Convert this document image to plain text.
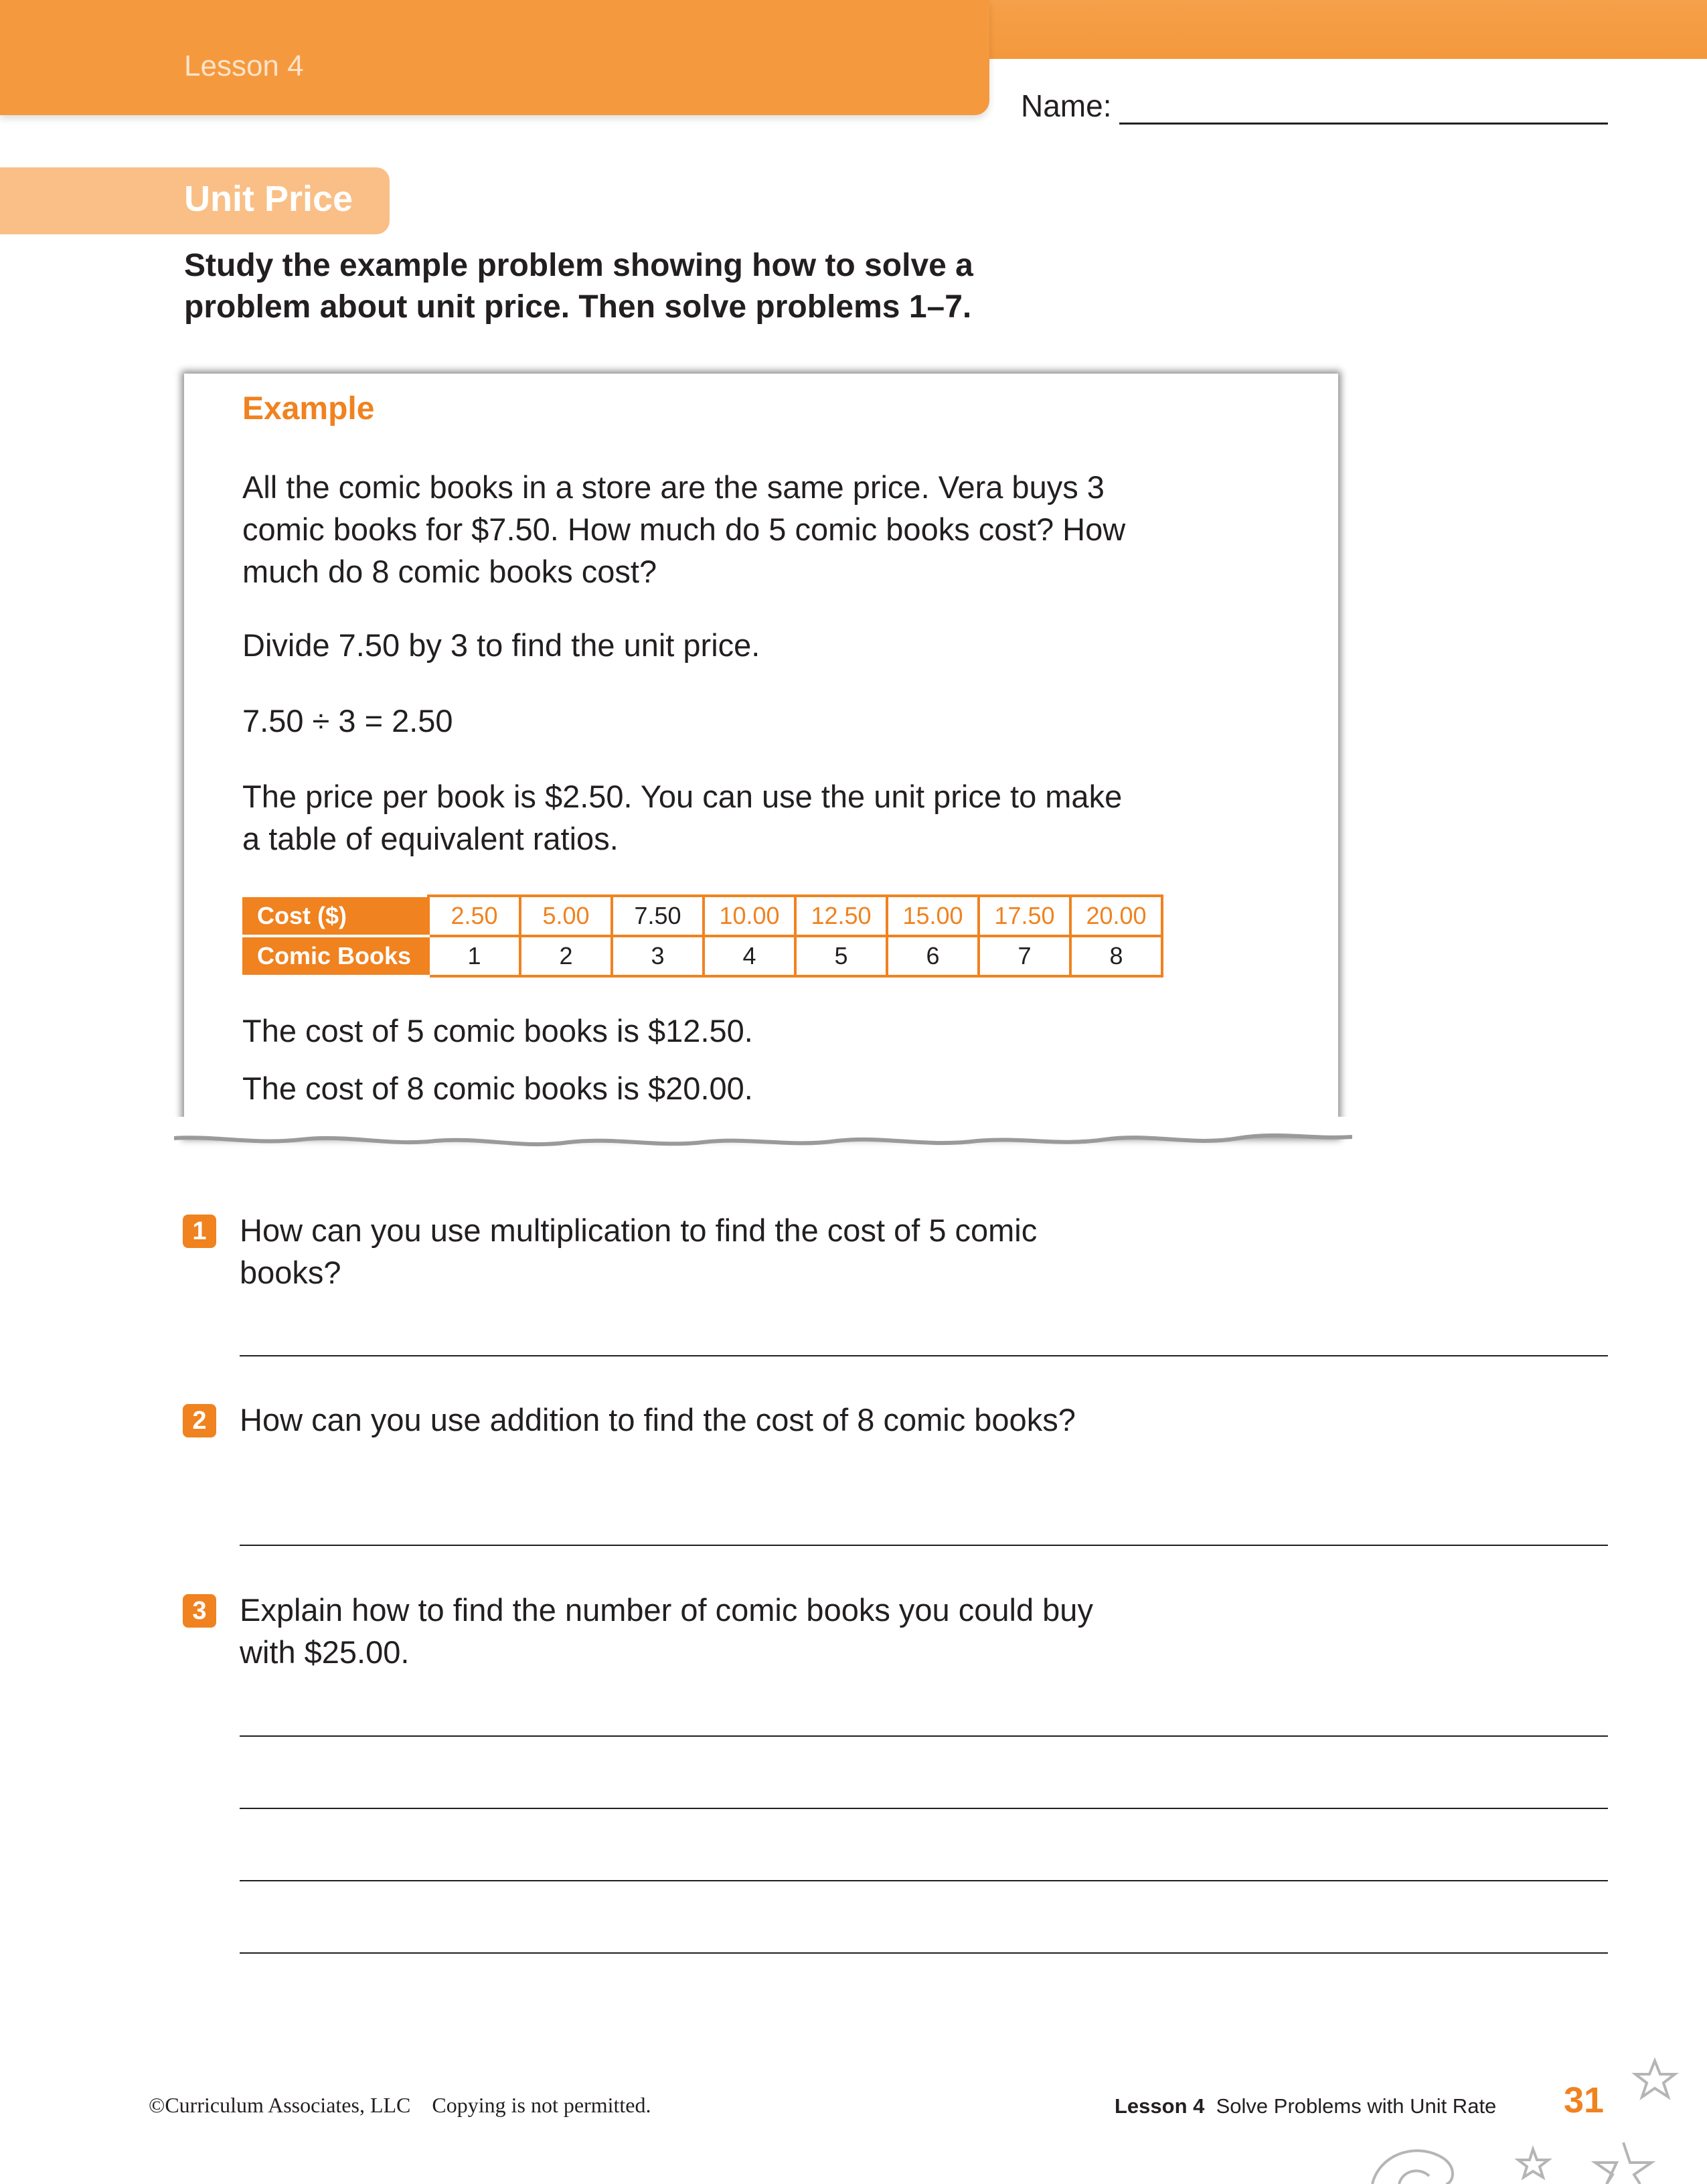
Lesson 4
Name:
Unit Price
Study the example problem showing how to solve a problem about unit price. Then solve problems 1–7.
Example
All the comic books in a store are the same price. Vera buys 3 comic books for $7.50. How much do 5 comic books cost? How much do 8 comic books cost?
Divide 7.50 by 3 to find the unit price.
7.50 ÷ 3 = 2.50
The price per book is $2.50. You can use the unit price to make a table of equivalent ratios.
Cost ($)	2.50	5.00	7.50	10.00	12.50	15.00	17.50	20.00
Comic Books	1	2	3	4	5	6	7	8
The cost of 5 comic books is $12.50.
The cost of 8 comic books is $20.00.
1	How can you use multiplication to find the cost of 5 comic books?
2	How can you use addition to find the cost of 8 comic books?
3	Explain how to find the number of comic books you could buy with $25.00.
©Curriculum Associates, LLC    Copying is not permitted.	Lesson 4 Solve Problems with Unit Rate 31
